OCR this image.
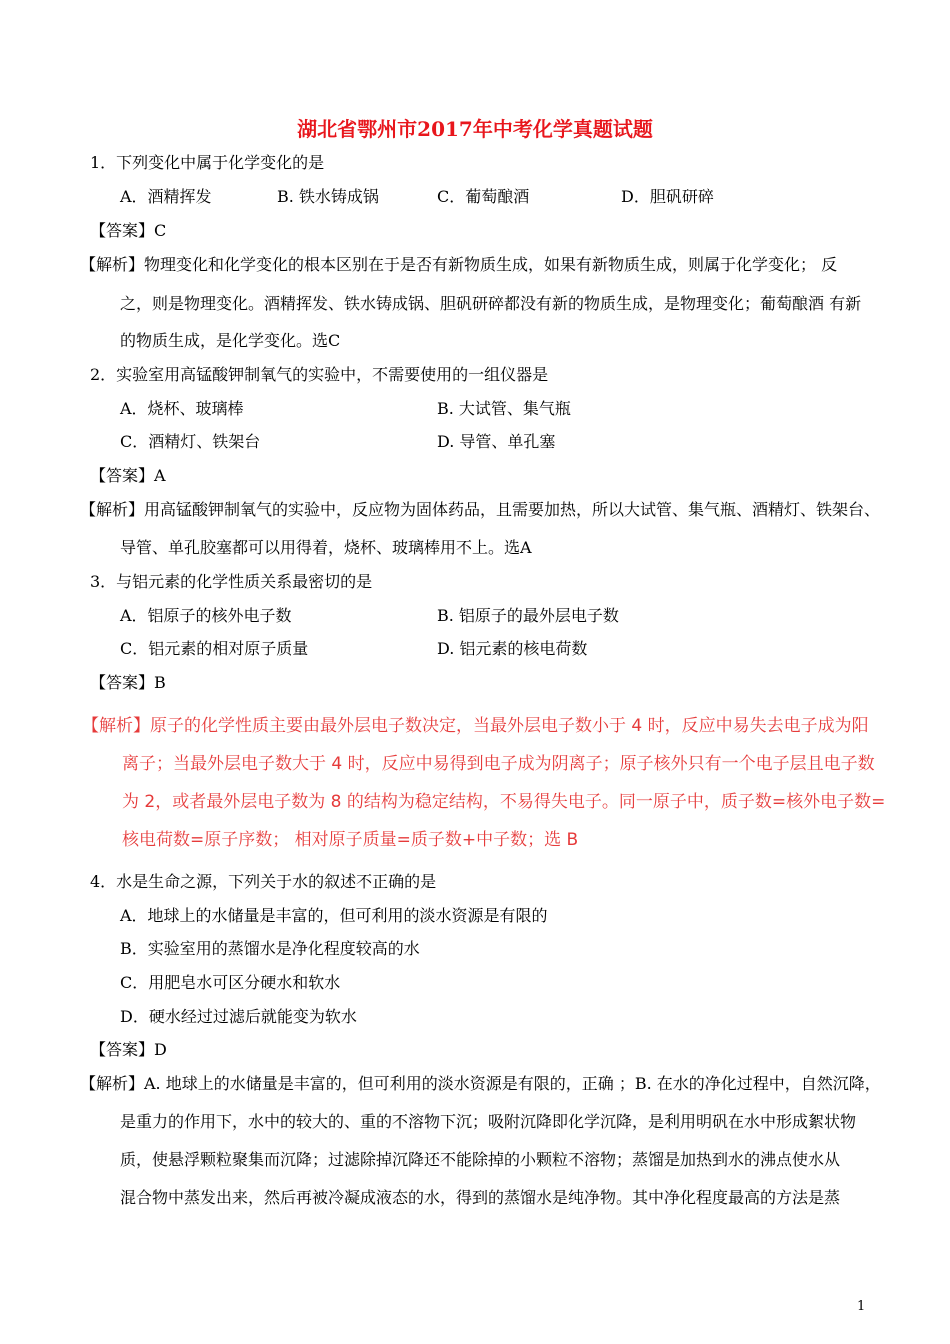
湖北省鄂州市2017年中考化学真题试题
1．下列变化中属于化学变化的是
A．酒精挥发	B. 铁水铸成锅	C．葡萄酿酒	D．胆矾研碎
【答案】C
【解析】物理变化和化学变化的根本区别在于是否有新物质生成，如果有新物质生成，则属于化学变化； 反
之，则是物理变化。酒精挥发、铁水铸成锅、胆矾研碎都没有新的物质生成，是物理变化；葡萄酿酒 有新
的物质生成，是化学变化。选C
2．实验室用高锰酸钾制氧气的实验中，不需要使用的一组仪器是
A．烧杯、玻璃棒	B. 大试管、集气瓶
C．酒精灯、铁架台	D. 导管、单孔塞
【答案】A
【解析】用高锰酸钾制氧气的实验中，反应物为固体药品，且需要加热，所以大试管、集气瓶、酒精灯、铁架台、
导管、单孔胶塞都可以用得着，烧杯、玻璃棒用不上。选A
3．与铝元素的化学性质关系最密切的是
A．铝原子的核外电子数	B. 铝原子的最外层电子数
C．铝元素的相对原子质量	D. 铝元素的核电荷数
【答案】B
【解析】原子的化学性质主要由最外层电子数决定，当最外层电子数小于 4 时，反应中易失去电子成为阳
离子；当最外层电子数大于 4 时，反应中易得到电子成为阴离子；原子核外只有一个电子层且电子数
为 2，或者最外层电子数为 8 的结构为稳定结构，不易得失电子。同一原子中，质子数=核外电子数=
核电荷数=原子序数； 相对原子质量=质子数+中子数；选 B
4．水是生命之源，下列关于水的叙述不正确的是
A．地球上的水储量是丰富的，但可利用的淡水资源是有限的
B．实验室用的蒸馏水是净化程度较高的水
C．用肥皂水可区分硬水和软水
D．硬水经过过滤后就能变为软水
【答案】D
【解析】A. 地球上的水储量是丰富的，但可利用的淡水资源是有限的，正确 ；B. 在水的净化过程中，自然沉降，
是重力的作用下，水中的较大的、重的不溶物下沉；吸附沉降即化学沉降，是利用明矾在水中形成絮状物
质，使悬浮颗粒聚集而沉降；过滤除掉沉降还不能除掉的小颗粒不溶物；蒸馏是加热到水的沸点使水从
混合物中蒸发出来，然后再被冷凝成液态的水，得到的蒸馏水是纯净物。其中净化程度最高的方法是蒸
1
